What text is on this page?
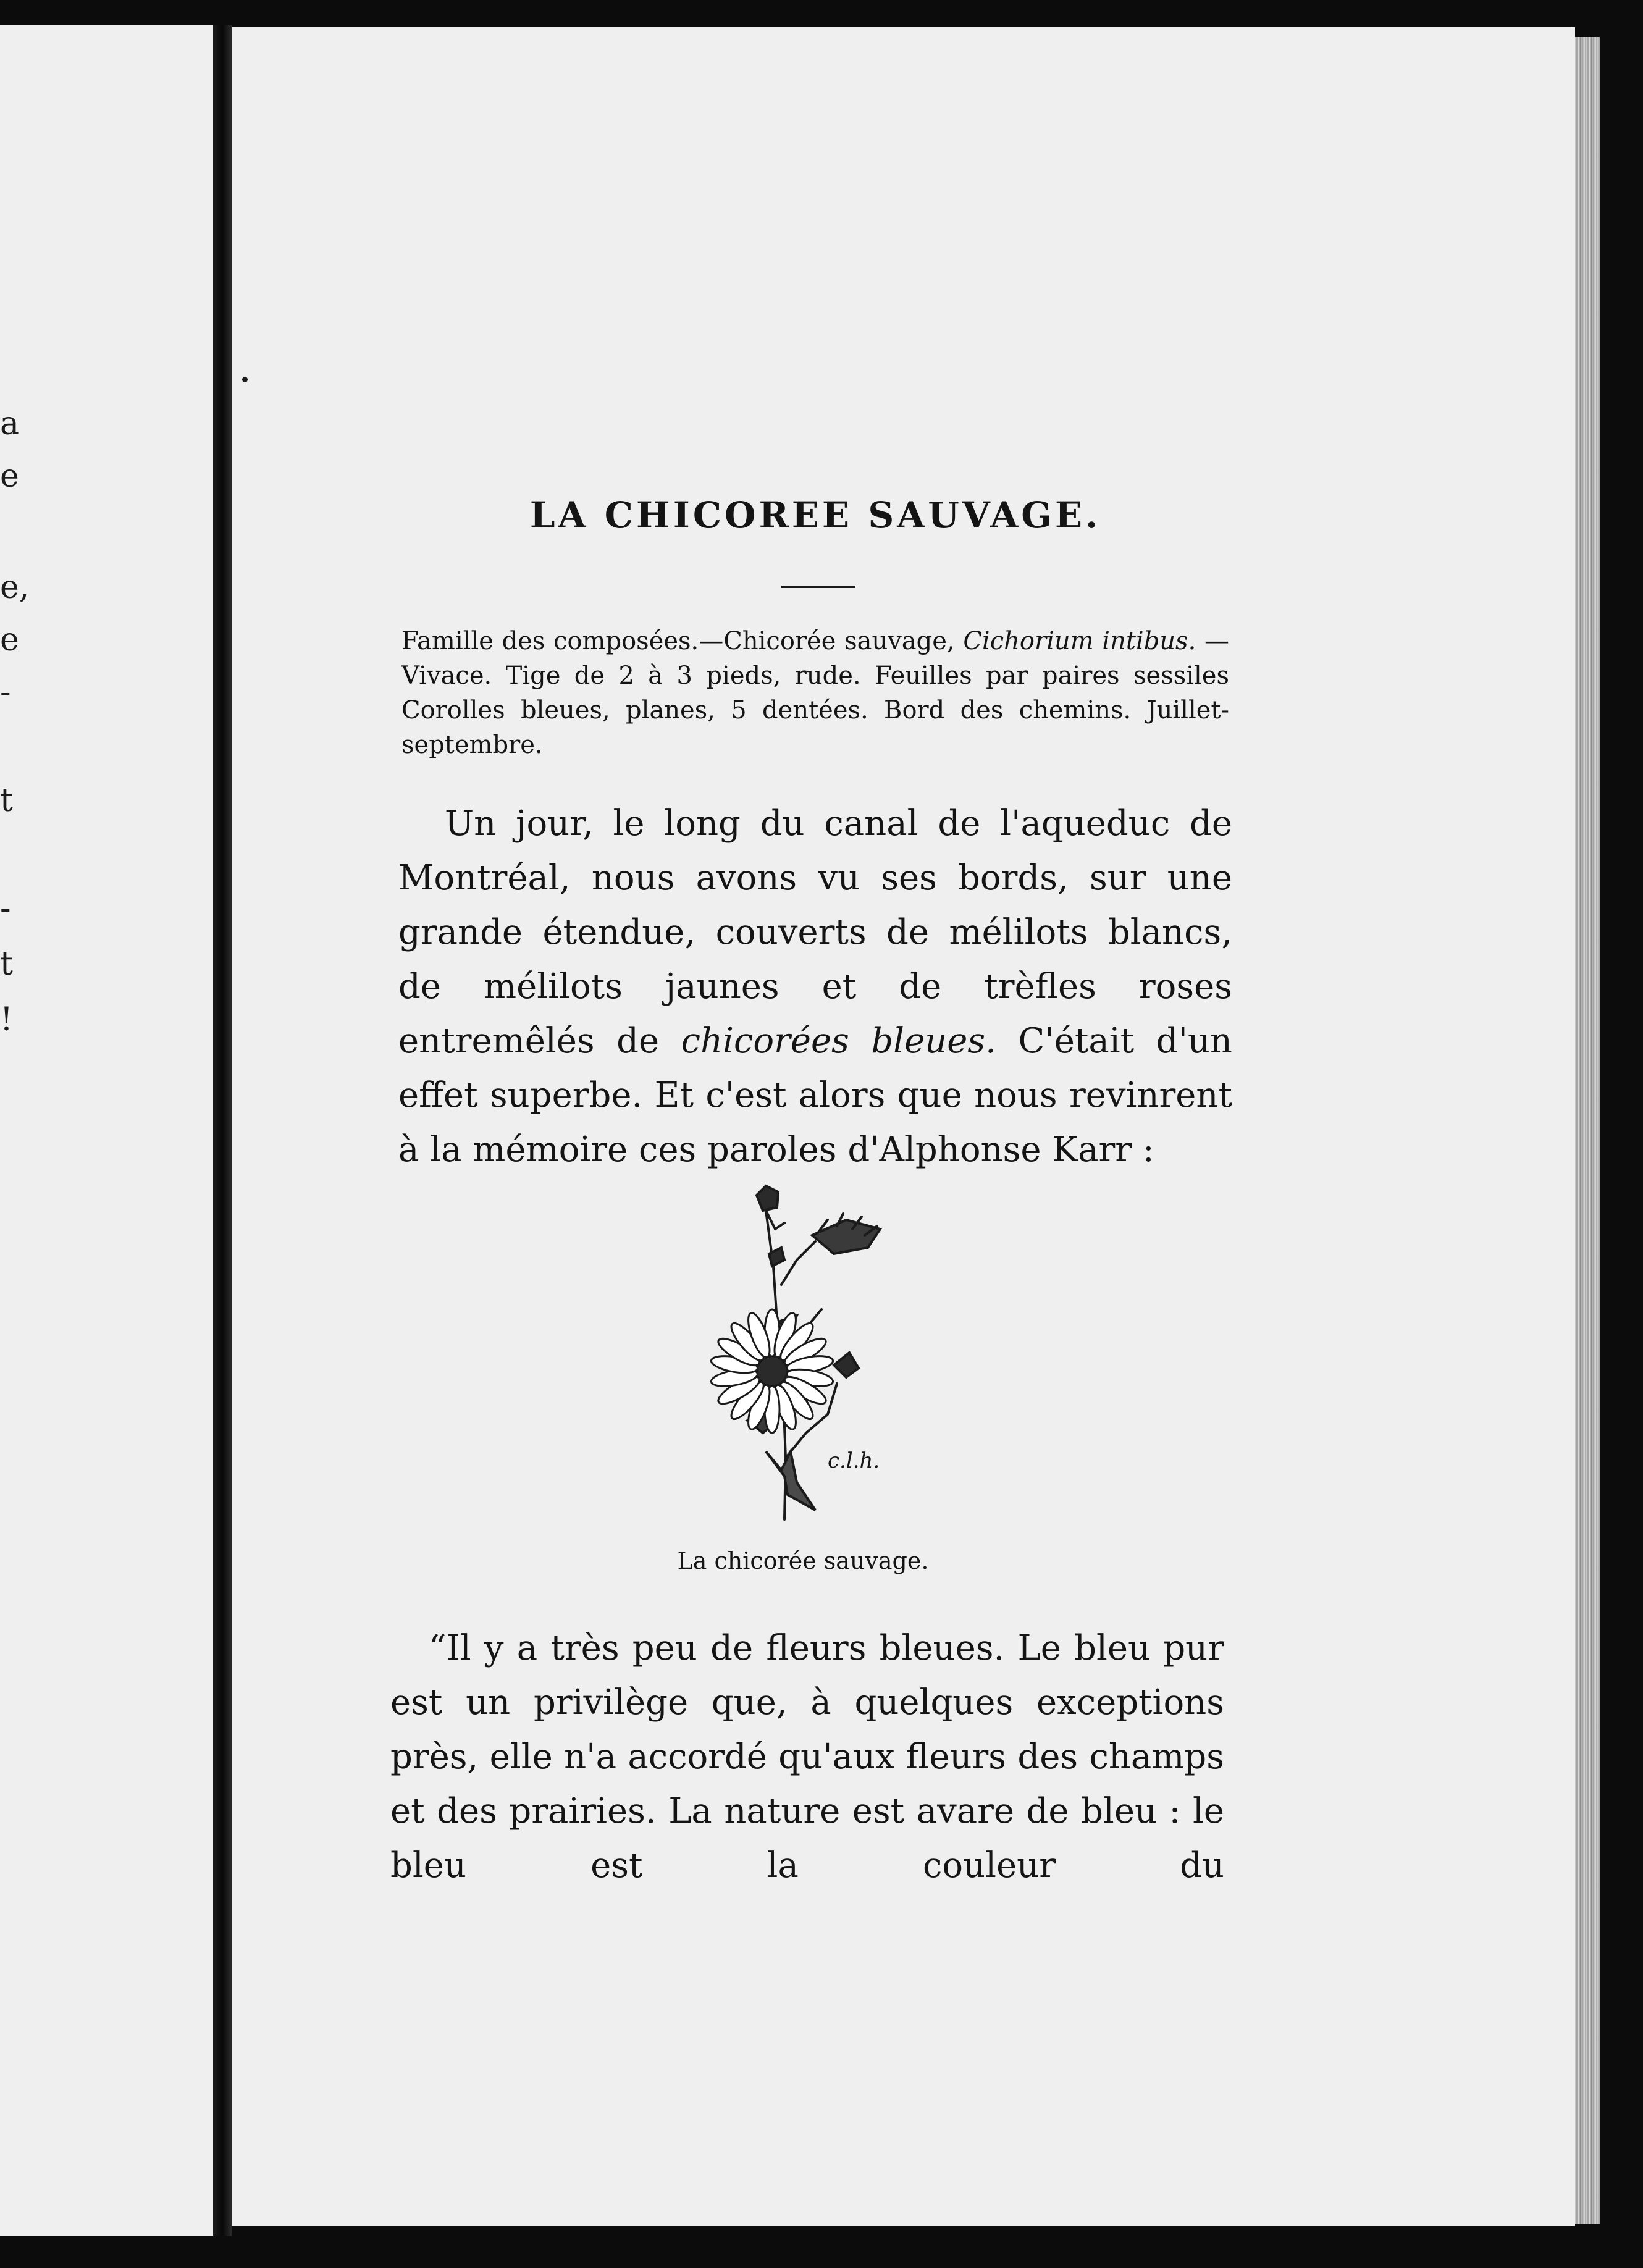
a
e
e,
e
-
t
-
t
!
LA CHICOREE SAUVAGE.

Famille des composées.—Chicorée sauvage, Cichorium intibus. —Vivace. Tige de 2 à 3 pieds, rude. Feuilles par paires sessiles Corolles bleues, planes, 5 dentées. Bord des chemins. Juillet-septembre.

Un jour, le long du canal de l'aqueduc de Montréal, nous avons vu ses bords, sur une grande étendue, couverts de mélilots blancs, de mélilots jaunes et de trèfles roses entremêlés de chicorées bleues. C'était d'un effet superbe. Et c'est alors que nous revinrent à la mémoire ces paroles d'Alphonse Karr :

c.l.h.

La chicorée sauvage.

“Il y a très peu de fleurs bleues. Le bleu pur est un privilège que, à quelques exceptions près, elle n'a accordé qu'aux fleurs des champs et des prairies. La nature est avare de bleu : le bleu est la couleur du
